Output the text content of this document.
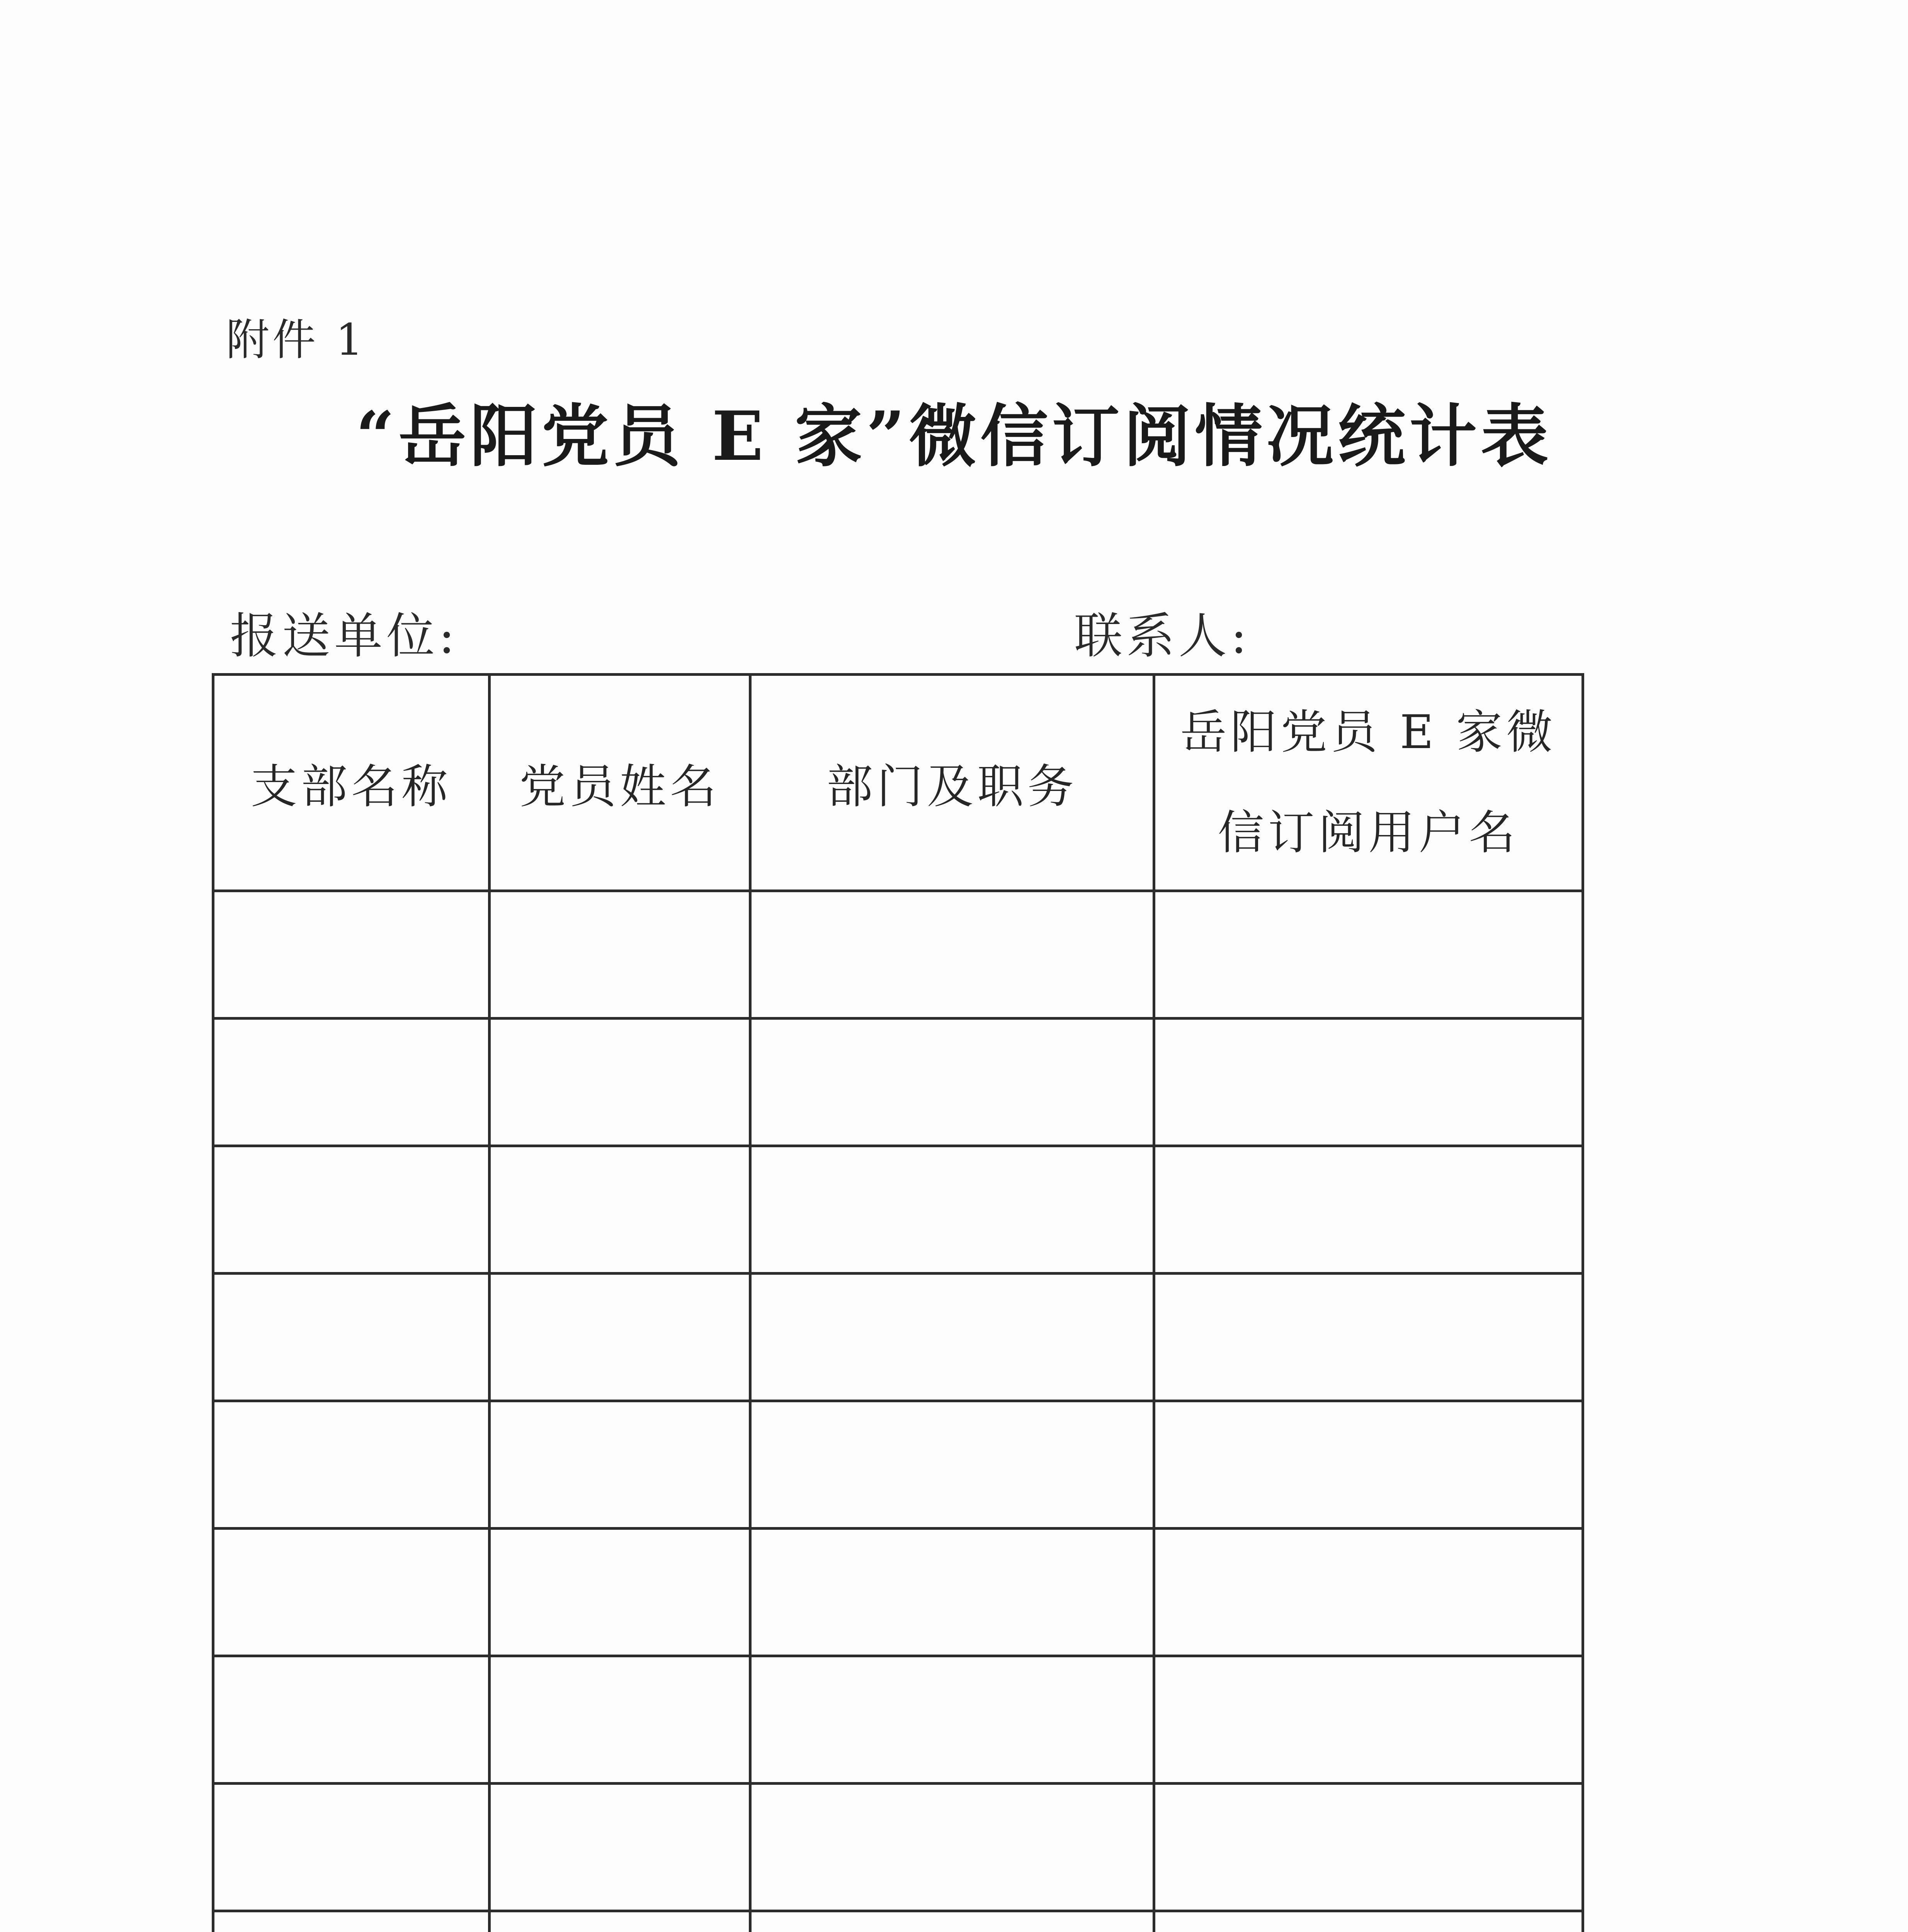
附件 1
“岳阳党员 E 家”微信订阅情况统计表
报送单位:	联系人:
支部名称	党员姓名	部门及职务	岳阳党员 E 家微
信订阅用户名
